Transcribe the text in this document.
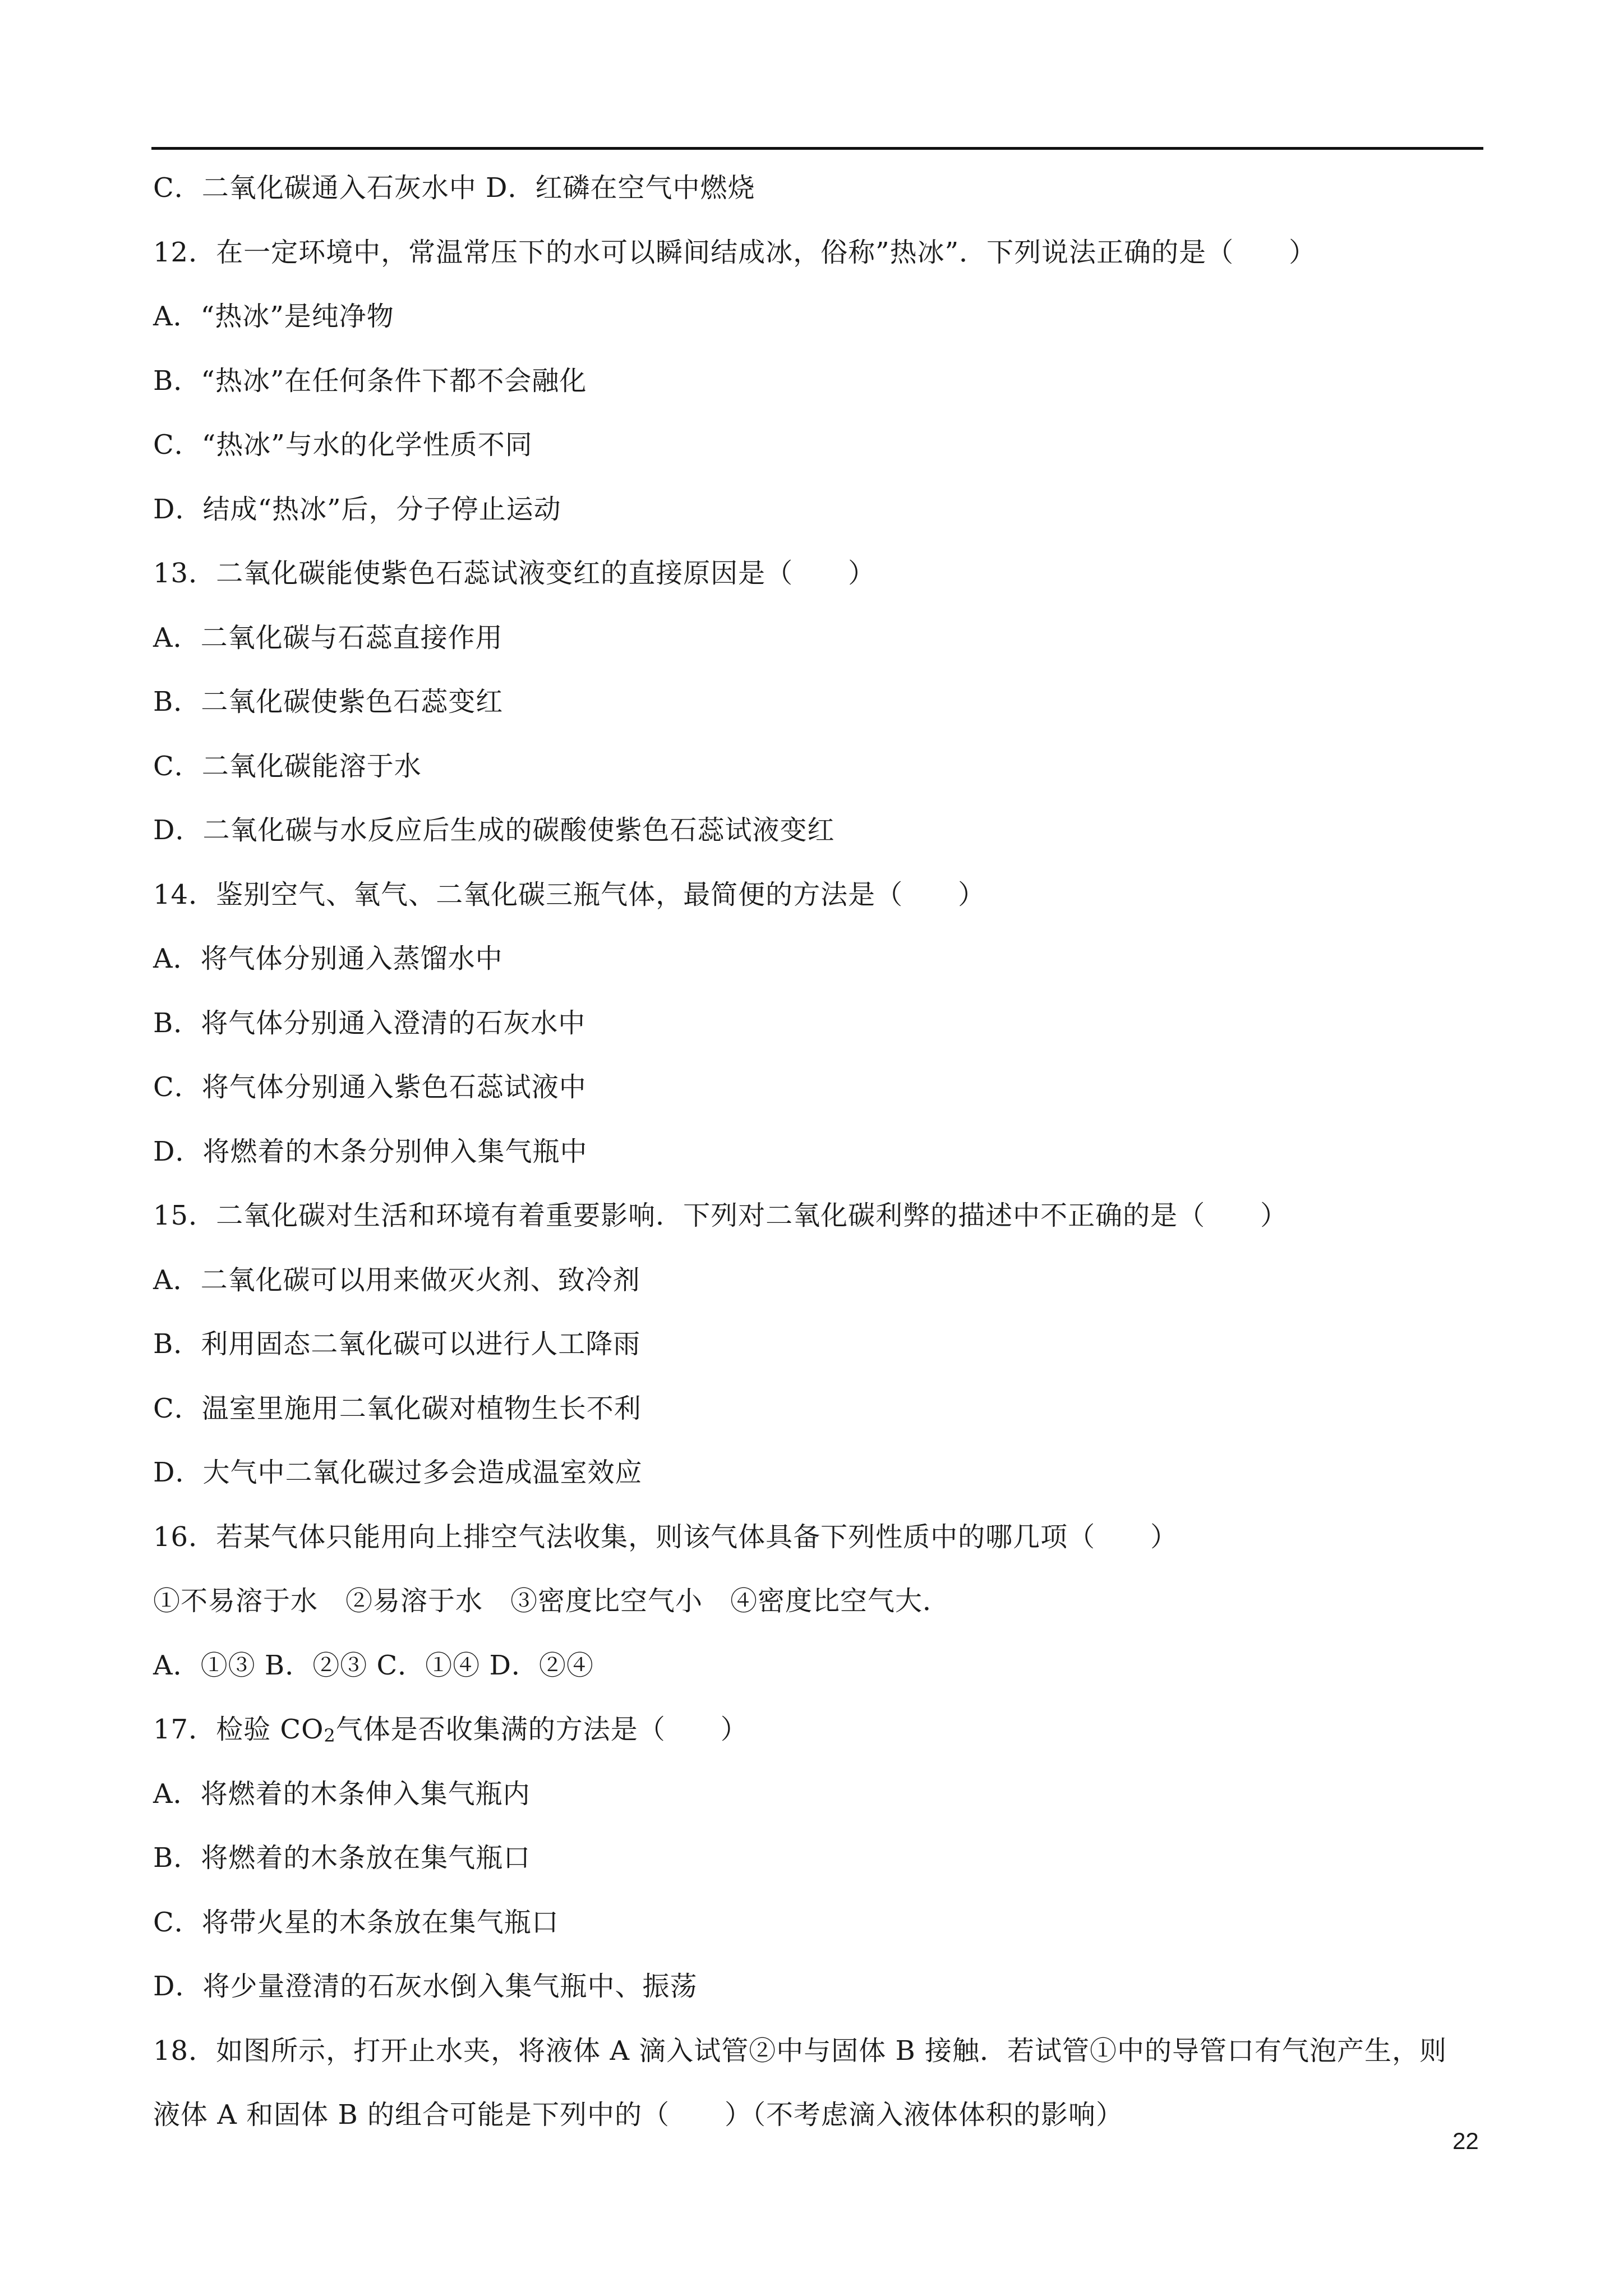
C．二氧化碳通入石灰水中 D．红磷在空气中燃烧
12．在一定环境中，常温常压下的水可以瞬间结成冰，俗称”热冰”．下列说法正确的是（　　）
A．“热冰”是纯净物
B．“热冰”在任何条件下都不会融化
C．“热冰”与水的化学性质不同
D．结成“热冰”后，分子停止运动
13．二氧化碳能使紫色石蕊试液变红的直接原因是（　　）
A．二氧化碳与石蕊直接作用
B．二氧化碳使紫色石蕊变红
C．二氧化碳能溶于水
D．二氧化碳与水反应后生成的碳酸使紫色石蕊试液变红
14．鉴别空气、氧气、二氧化碳三瓶气体，最简便的方法是（　　）
A．将气体分别通入蒸馏水中
B．将气体分别通入澄清的石灰水中
C．将气体分别通入紫色石蕊试液中
D．将燃着的木条分别伸入集气瓶中
15．二氧化碳对生活和环境有着重要影响．下列对二氧化碳利弊的描述中不正确的是（　　）
A．二氧化碳可以用来做灭火剂、致冷剂
B．利用固态二氧化碳可以进行人工降雨
C．温室里施用二氧化碳对植物生长不利
D．大气中二氧化碳过多会造成温室效应
16．若某气体只能用向上排空气法收集，则该气体具备下列性质中的哪几项（　　）
①不易溶于水　②易溶于水　③密度比空气小　④密度比空气大．
A．①③ B．②③ C．①④ D．②④
17．检验 $CO_2$气体是否收集满的方法是（　　）
A．将燃着的木条伸入集气瓶内
B．将燃着的木条放在集气瓶口
C．将带火星的木条放在集气瓶口
D．将少量澄清的石灰水倒入集气瓶中、振荡
18．如图所示，打开止水夹，将液体 A 滴入试管②中与固体 B 接触．若试管①中的导管口有气泡产生，则
液体 A 和固体 B 的组合可能是下列中的（　　）（不考虑滴入液体体积的影响）
22
